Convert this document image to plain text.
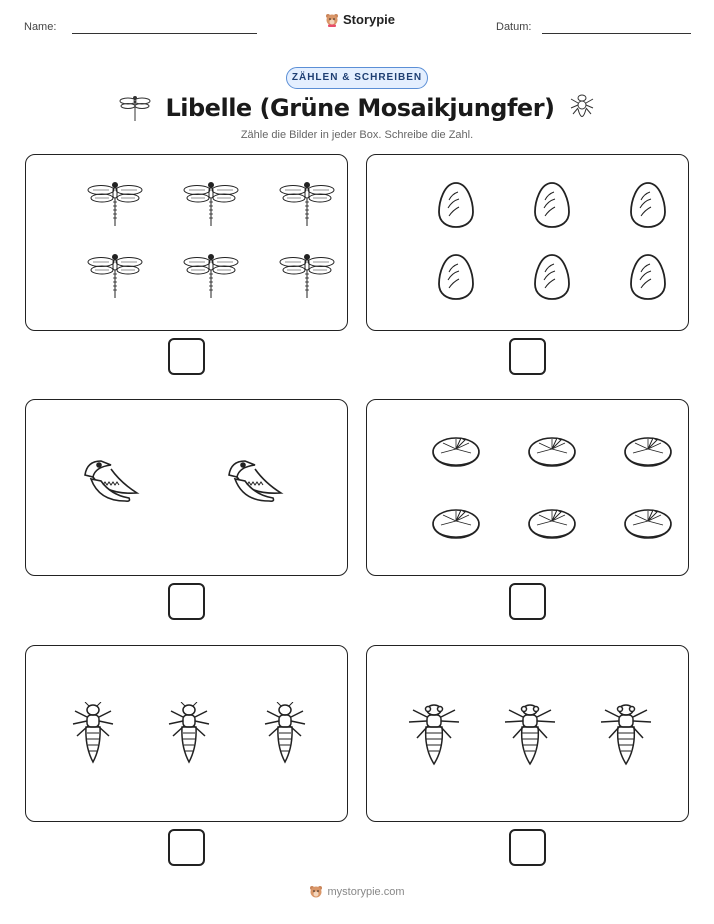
Name:	Storypie	Datum:
ZÄHLEN & SCHREIBEN
Libelle (Grüne Mosaikjungfer)
Zähle die Bilder in jeder Box. Schreibe die Zahl.
mystorypie.com
